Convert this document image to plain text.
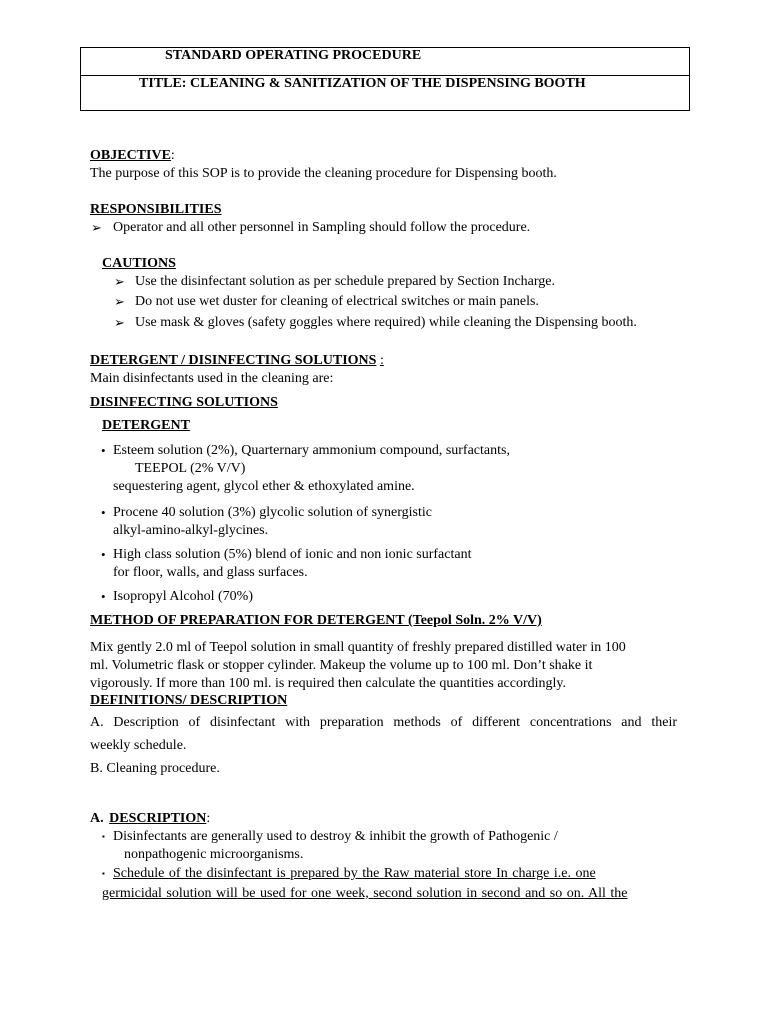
STANDARD OPERATING PROCEDURE
TITLE: CLEANING & SANITIZATION OF THE DISPENSING BOOTH
OBJECTIVE:
The purpose of this SOP is to provide the cleaning procedure for Dispensing booth.
RESPONSIBILITIES
➢ Operator and all other personnel in Sampling should follow the procedure.
CAUTIONS
➢ Use the disinfectant solution as per schedule prepared by Section Incharge.
➢ Do not use wet duster for cleaning of electrical switches or main panels.
➢ Use mask & gloves (safety goggles where required) while cleaning the Dispensing booth.
DETERGENT / DISINFECTING SOLUTIONS :
Main disinfectants used in the cleaning are:
DISINFECTING SOLUTIONS
DETERGENT
• Esteem solution (2%), Quarternary ammonium compound, surfactants,
TEEPOL (2% V/V)
sequestering agent, glycol ether & ethoxylated amine.
• Procene 40 solution (3%) glycolic solution of synergistic
alkyl-amino-alkyl-glycines.
• High class solution (5%) blend of ionic and non ionic surfactant
for floor, walls, and glass surfaces.
• Isopropyl Alcohol (70%)
METHOD OF PREPARATION FOR DETERGENT (Teepol Soln. 2% V/V)
Mix gently 2.0 ml of Teepol solution in small quantity of freshly prepared distilled water in 100
ml. Volumetric flask or stopper cylinder. Makeup the volume up to 100 ml. Don’t shake it
vigorously. If more than 100 ml. is required then calculate the quantities accordingly.
DEFINITIONS/ DESCRIPTION
A. Description of disinfectant with preparation methods of different concentrations and their
weekly schedule.
B. Cleaning procedure.
A. DESCRIPTION:
▪ Disinfectants are generally used to destroy & inhibit the growth of Pathogenic /
nonpathogenic microorganisms.
▪ Schedule of the disinfectant is prepared by the Raw material store In charge i.e. one
germicidal solution will be used for one week, second solution in second and so on. All the
